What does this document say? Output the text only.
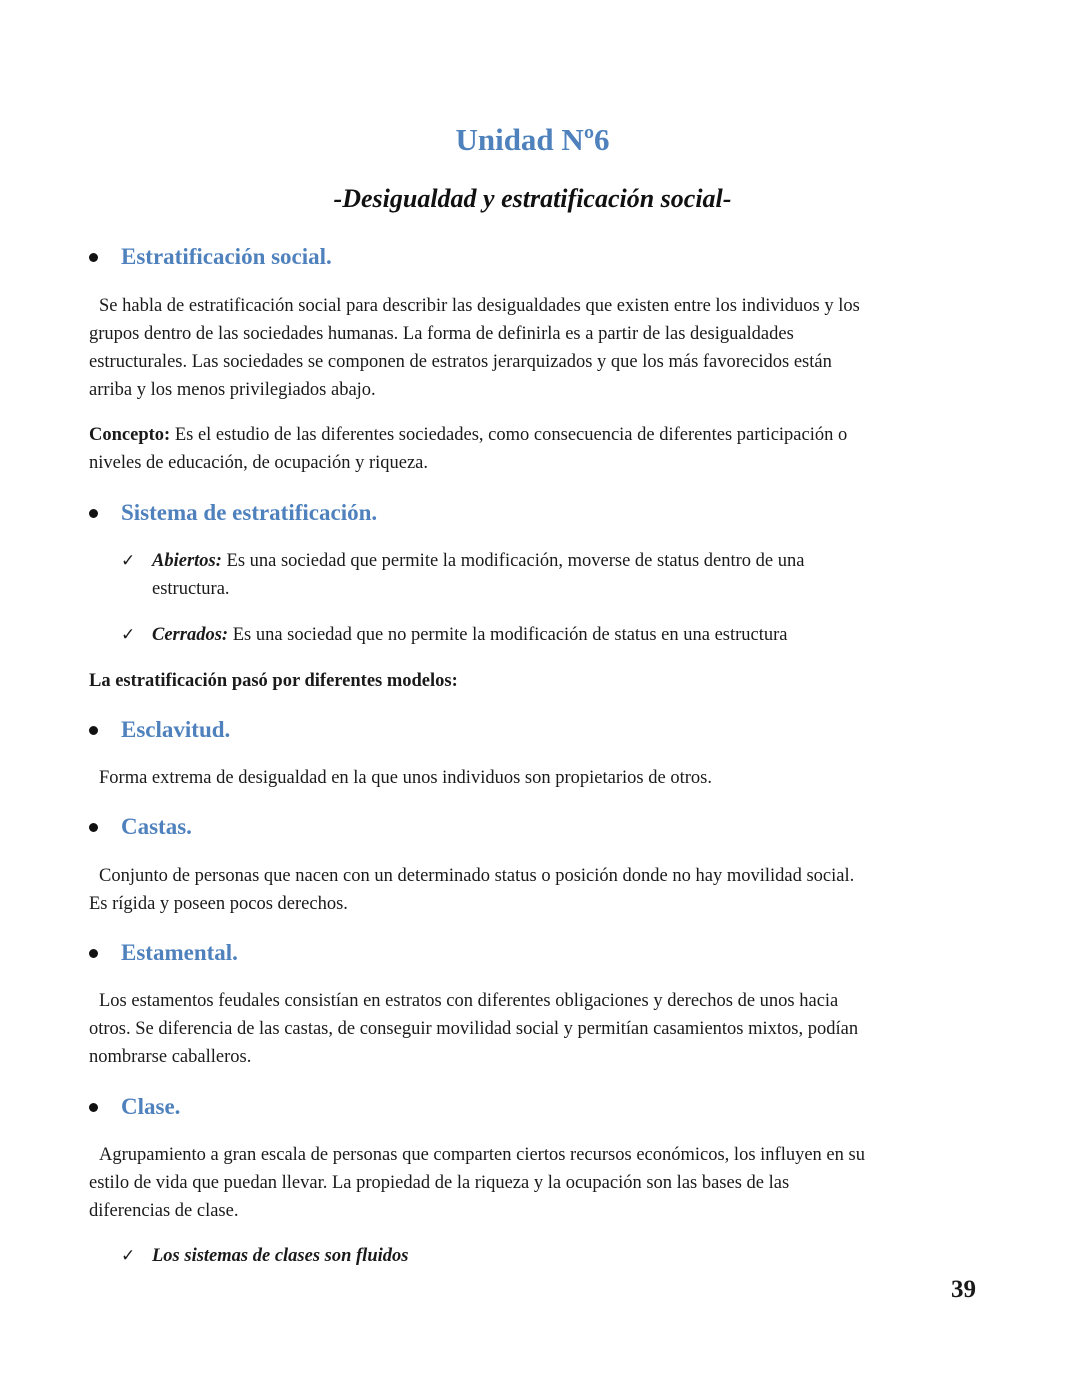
Unidad Nº6
-Desigualdad y estratificación social-
Estratificación social.
Se habla de estratificación social para describir las desigualdades que existen entre los individuos y los
grupos dentro de las sociedades humanas. La forma de definirla es a partir de las desigualdades
estructurales. Las sociedades se componen de estratos jerarquizados y que los más favorecidos están
arriba y los menos privilegiados abajo.
Concepto: Es el estudio de las diferentes sociedades, como consecuencia de diferentes participación o
niveles de educación, de ocupación y riqueza.
Sistema de estratificación.
✓ Abiertos: Es una sociedad que permite la modificación, moverse de status dentro de una
estructura.
✓ Cerrados: Es una sociedad que no permite la modificación de status en una estructura

La estratificación pasó por diferentes modelos:

Esclavitud.
Forma extrema de desigualdad en la que unos individuos son propietarios de otros.
Castas.
Conjunto de personas que nacen con un determinado status o posición donde no hay movilidad social.
Es rígida y poseen pocos derechos.
Estamental.
Los estamentos feudales consistían en estratos con diferentes obligaciones y derechos de unos hacia
otros. Se diferencia de las castas, de conseguir movilidad social y permitían casamientos mixtos, podían
nombrarse caballeros.
Clase.
Agrupamiento a gran escala de personas que comparten ciertos recursos económicos, los influyen en su
estilo de vida que puedan llevar. La propiedad de la riqueza y la ocupación son las bases de las
diferencias de clase.
✓ Los sistemas de clases son fluidos
39
